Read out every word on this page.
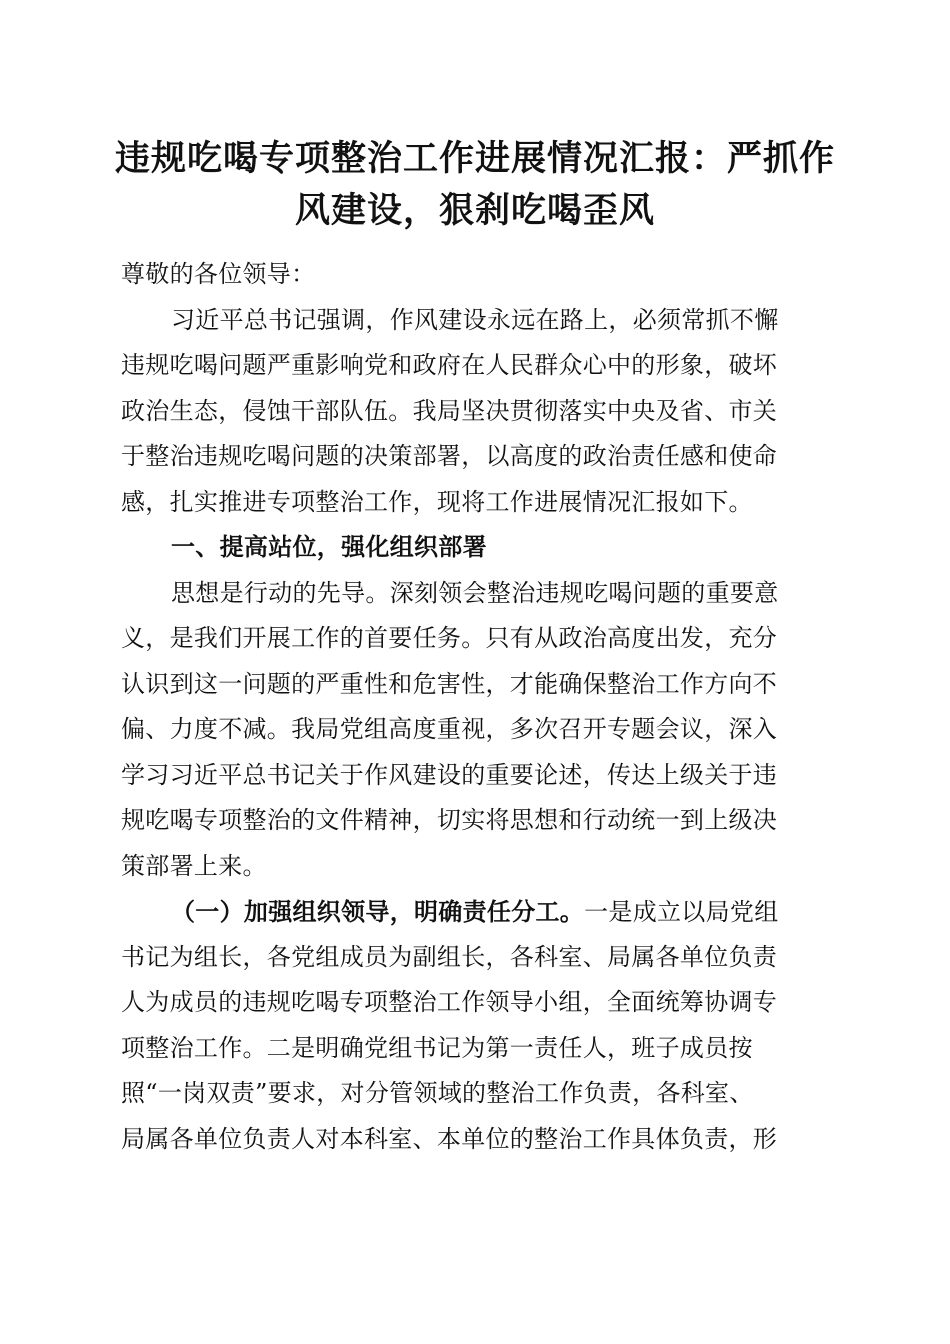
违规吃喝专项整治工作进展情况汇报：严抓作
风建设，狠刹吃喝歪风
尊敬的各位领导：
习近平总书记强调，作风建设永远在路上，必须常抓不懈
违规吃喝问题严重影响党和政府在人民群众心中的形象，破坏
政治生态，侵蚀干部队伍。我局坚决贯彻落实中央及省、市关
于整治违规吃喝问题的决策部署，以高度的政治责任感和使命
感，扎实推进专项整治工作，现将工作进展情况汇报如下。
一、提高站位，强化组织部署
思想是行动的先导。深刻领会整治违规吃喝问题的重要意
义，是我们开展工作的首要任务。只有从政治高度出发，充分
认识到这一问题的严重性和危害性，才能确保整治工作方向不
偏、力度不减。我局党组高度重视，多次召开专题会议，深入
学习习近平总书记关于作风建设的重要论述，传达上级关于违
规吃喝专项整治的文件精神，切实将思想和行动统一到上级决
策部署上来。
（一）加强组织领导，明确责任分工。一是成立以局党组
书记为组长，各党组成员为副组长，各科室、局属各单位负责
人为成员的违规吃喝专项整治工作领导小组，全面统筹协调专
项整治工作。二是明确党组书记为第一责任人，班子成员按
照“一岗双责”要求，对分管领域的整治工作负责，各科室、
局属各单位负责人对本科室、本单位的整治工作具体负责，形
